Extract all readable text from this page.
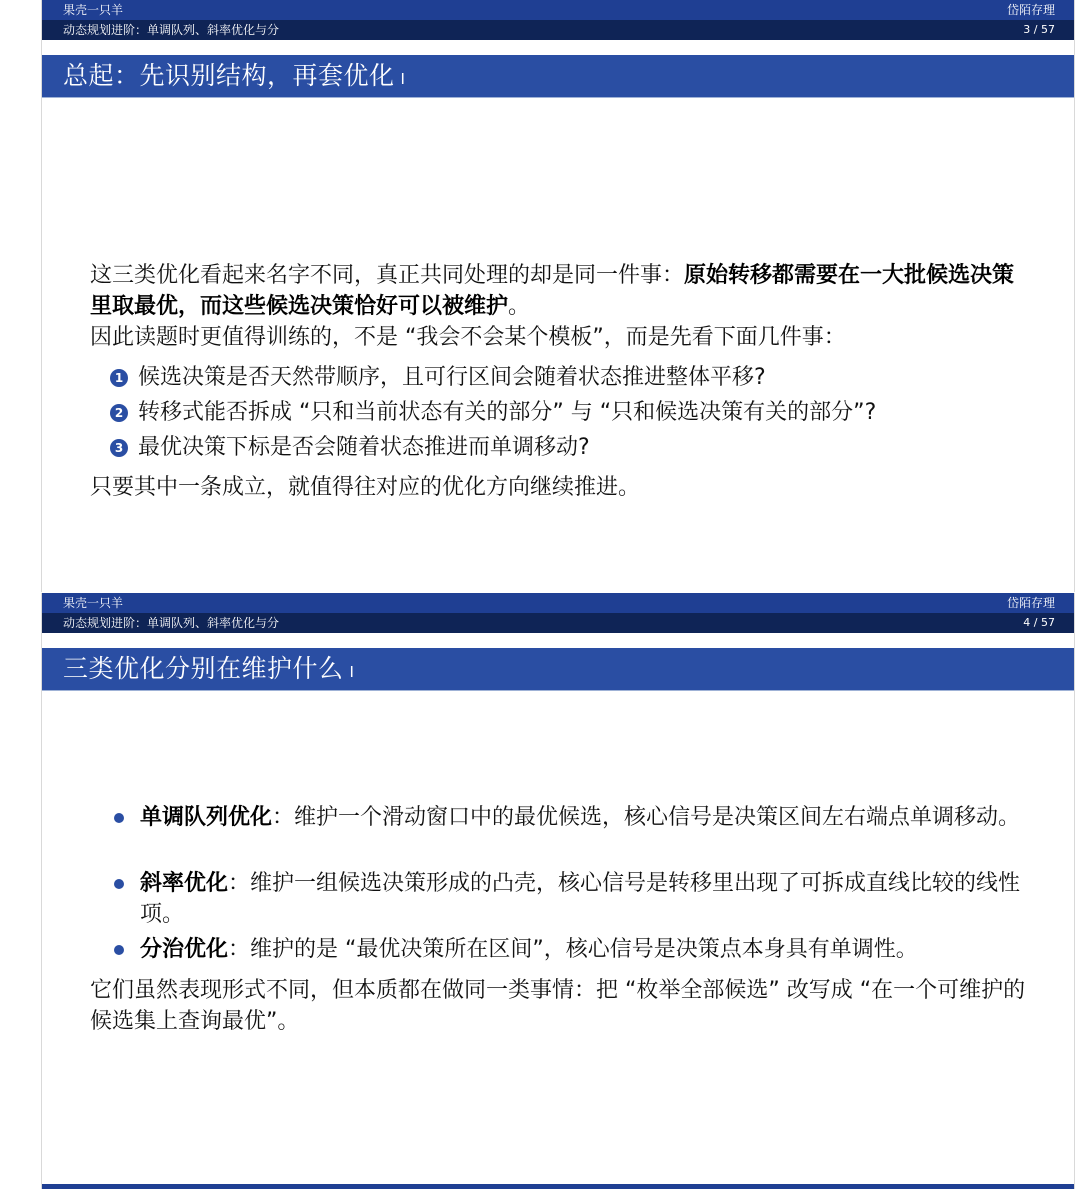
果壳一只羊	岱陌存理
动态规划进阶：单调队列、斜率优化与分	3 / 57
总起：先识别结构，再套优化 I
这三类优化看起来名字不同，真正共同处理的却是同一件事：原始转移都需要在一大批候选决策里取最优，而这些候选决策恰好可以被维护。
因此读题时更值得训练的，不是 “我会不会某个模板”，而是先看下面几件事：
1 候选决策是否天然带顺序，且可行区间会随着状态推进整体平移?
2 转移式能否拆成 “只和当前状态有关的部分” 与 “只和候选决策有关的部分”?
3 最优决策下标是否会随着状态推进而单调移动?
只要其中一条成立，就值得往对应的优化方向继续推进。
果壳一只羊	岱陌存理
动态规划进阶：单调队列、斜率优化与分	4 / 57
三类优化分别在维护什么 I
单调队列优化：维护一个滑动窗口中的最优候选，核心信号是决策区间左右端点单调移动。
斜率优化：维护一组候选决策形成的凸壳，核心信号是转移里出现了可拆成直线比较的线性项。
分治优化：维护的是 “最优决策所在区间”，核心信号是决策点本身具有单调性。
它们虽然表现形式不同，但本质都在做同一类事情：把 “枚举全部候选” 改写成 “在一个可维护的候选集上查询最优”。
